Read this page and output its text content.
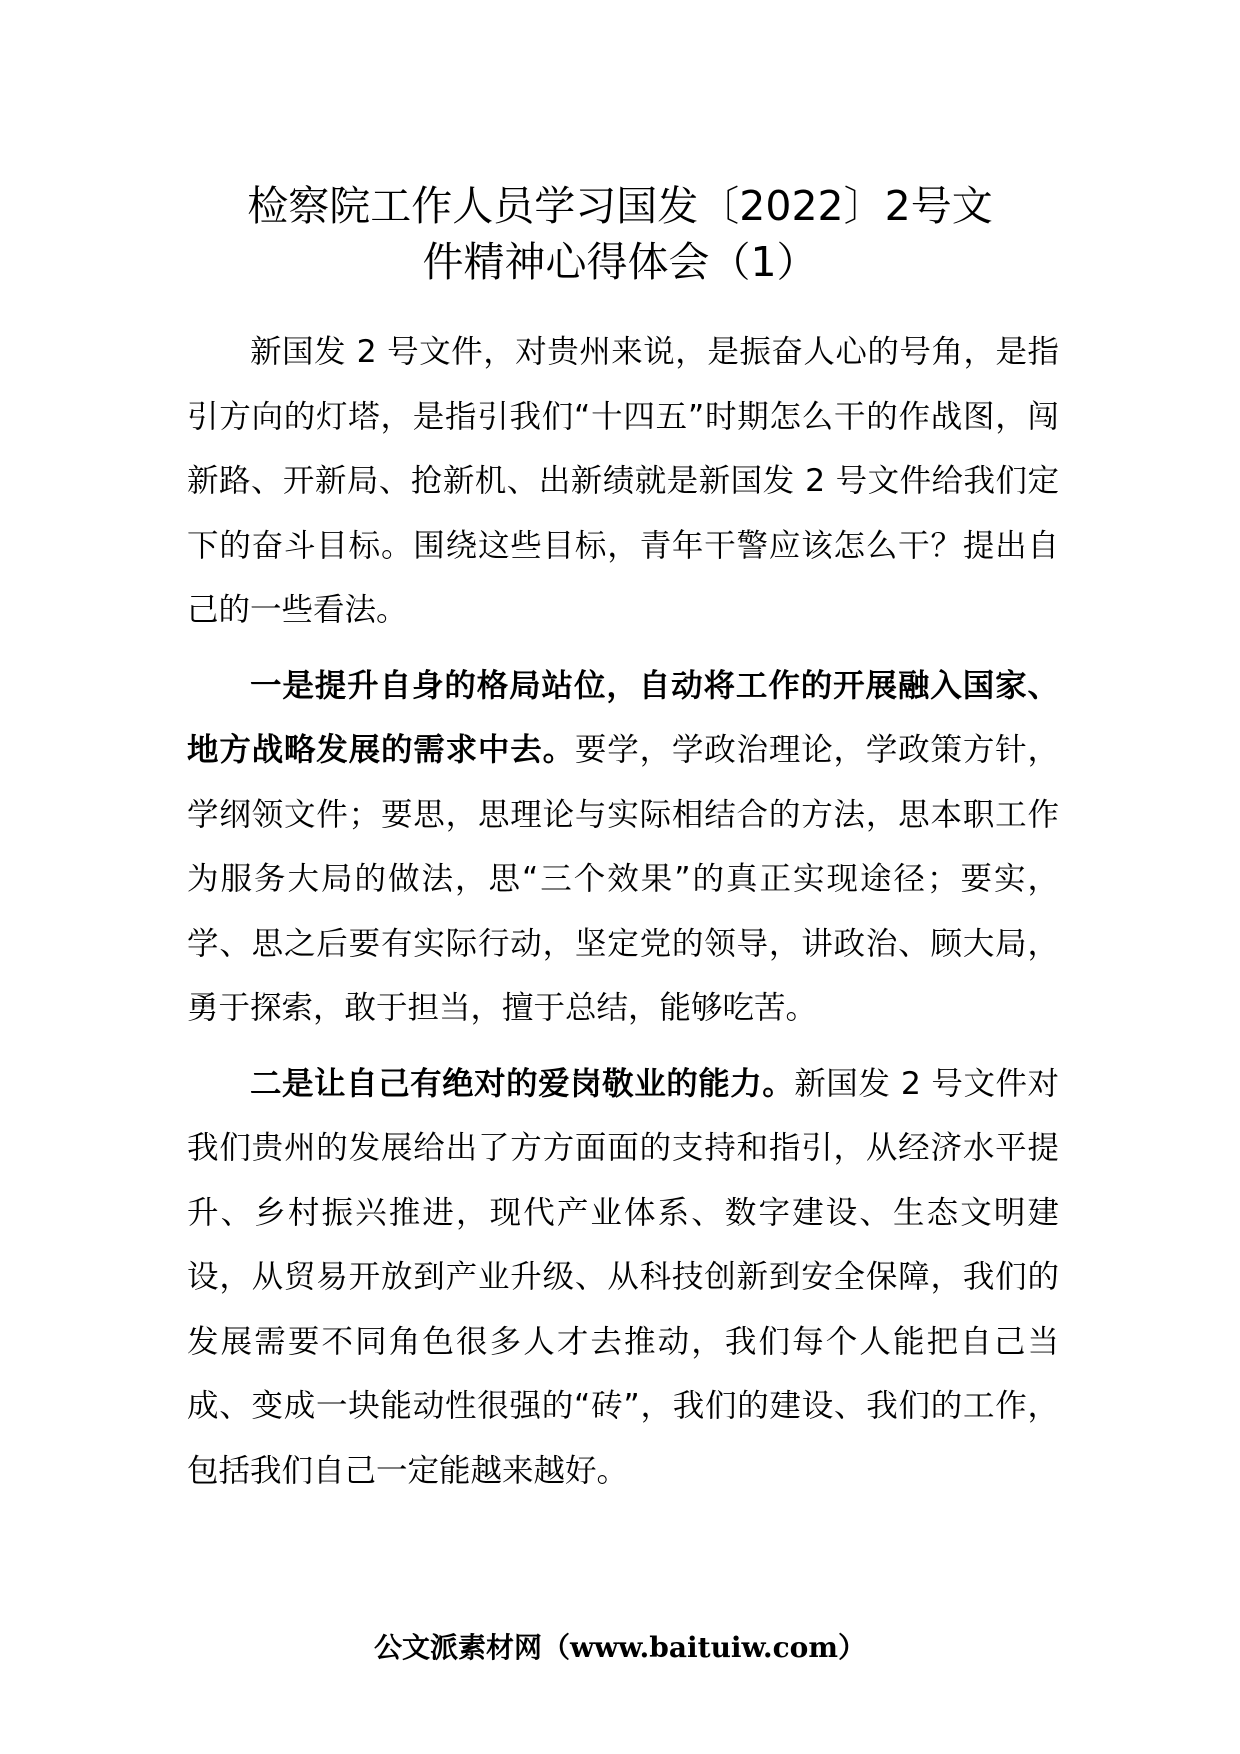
检察院工作人员学习国发〔2022〕2号文
件精神心得体会（1）

新国发 2 号文件，对贵州来说，是振奋人心的号角，是指引方向的灯塔，是指引我们“十四五”时期怎么干的作战图，闯新路、开新局、抢新机、出新绩就是新国发 2 号文件给我们定下的奋斗目标。围绕这些目标，青年干警应该怎么干？提出自己的一些看法。

一是提升自身的格局站位，自动将工作的开展融入国家、地方战略发展的需求中去。要学，学政治理论，学政策方针，学纲领文件；要思，思理论与实际相结合的方法，思本职工作为服务大局的做法，思“三个效果”的真正实现途径；要实，学、思之后要有实际行动，坚定党的领导，讲政治、顾大局，勇于探索，敢于担当，擅于总结，能够吃苦。

二是让自己有绝对的爱岗敬业的能力。新国发 2 号文件对我们贵州的发展给出了方方面面的支持和指引，从经济水平提升、乡村振兴推进，现代产业体系、数字建设、生态文明建设，从贸易开放到产业升级、从科技创新到安全保障，我们的发展需要不同角色很多人才去推动，我们每个人能把自己当成、变成一块能动性很强的“砖”，我们的建设、我们的工作，包括我们自己一定能越来越好。

公文派素材网（www.baituiw.com）
